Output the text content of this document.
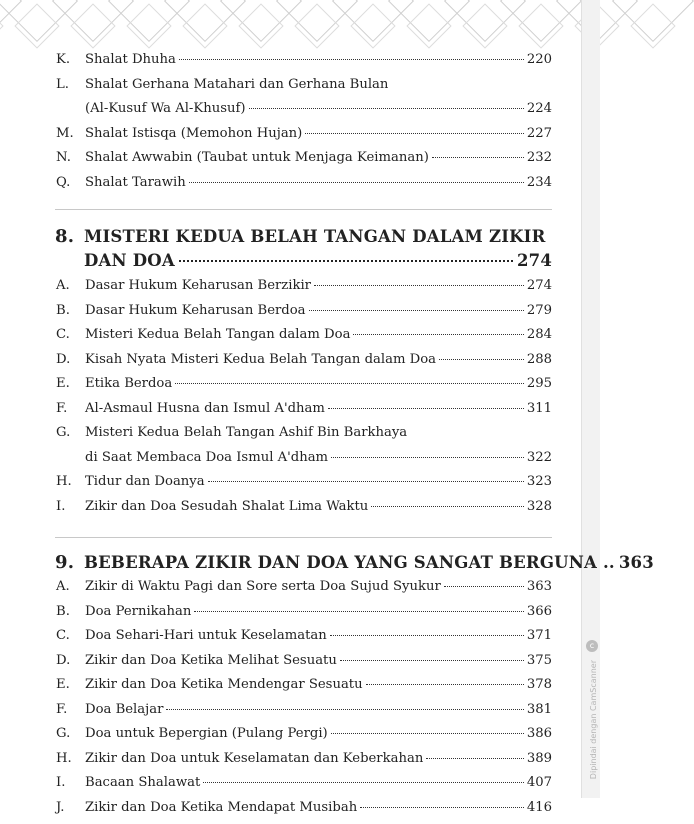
c
Dipindai dengan CamScanner
K.	Shalat Dhuha	220
L.	Shalat Gerhana Matahari dan Gerhana Bulan
(Al-Kusuf Wa Al-Khusuf)	224
M. Shalat Istisqa (Memohon Hujan)	227
N.	Shalat Awwabin (Taubat untuk Menjaga Keimanan)	232
Q.	Shalat Tarawih	234
8. MISTERI KEDUA BELAH TANGAN DALAM ZIKIR
DAN DOA	274
A.	Dasar Hukum Keharusan Berzikir	274
B.	Dasar Hukum Keharusan Berdoa	279
C.	Misteri Kedua Belah Tangan dalam Doa	284
D.	Kisah Nyata Misteri Kedua Belah Tangan dalam Doa	288
E.	Etika Berdoa	295
F.	Al-Asmaul Husna dan Ismul A'dham	311
G.	Misteri Kedua Belah Tangan Ashif Bin Barkhaya
di Saat Membaca Doa Ismul A'dham	322
H.	Tidur dan Doanya	323
I.	Zikir dan Doa Sesudah Shalat Lima Waktu	328
9. BEBERAPA ZIKIR DAN DOA YANG SANGAT BERGUNA .. 363
A.	Zikir di Waktu Pagi dan Sore serta Doa Sujud Syukur	363
B.	Doa Pernikahan	366
C.	Doa Sehari-Hari untuk Keselamatan	371
D.	Zikir dan Doa Ketika Melihat Sesuatu	375
E.	Zikir dan Doa Ketika Mendengar Sesuatu	378
F.	Doa Belajar	381
G.	Doa untuk Bepergian (Pulang Pergi)	386
H.	Zikir dan Doa untuk Keselamatan dan Keberkahan	389
I.	Bacaan Shalawat	407
J.	Zikir dan Doa Ketika Mendapat Musibah	416
